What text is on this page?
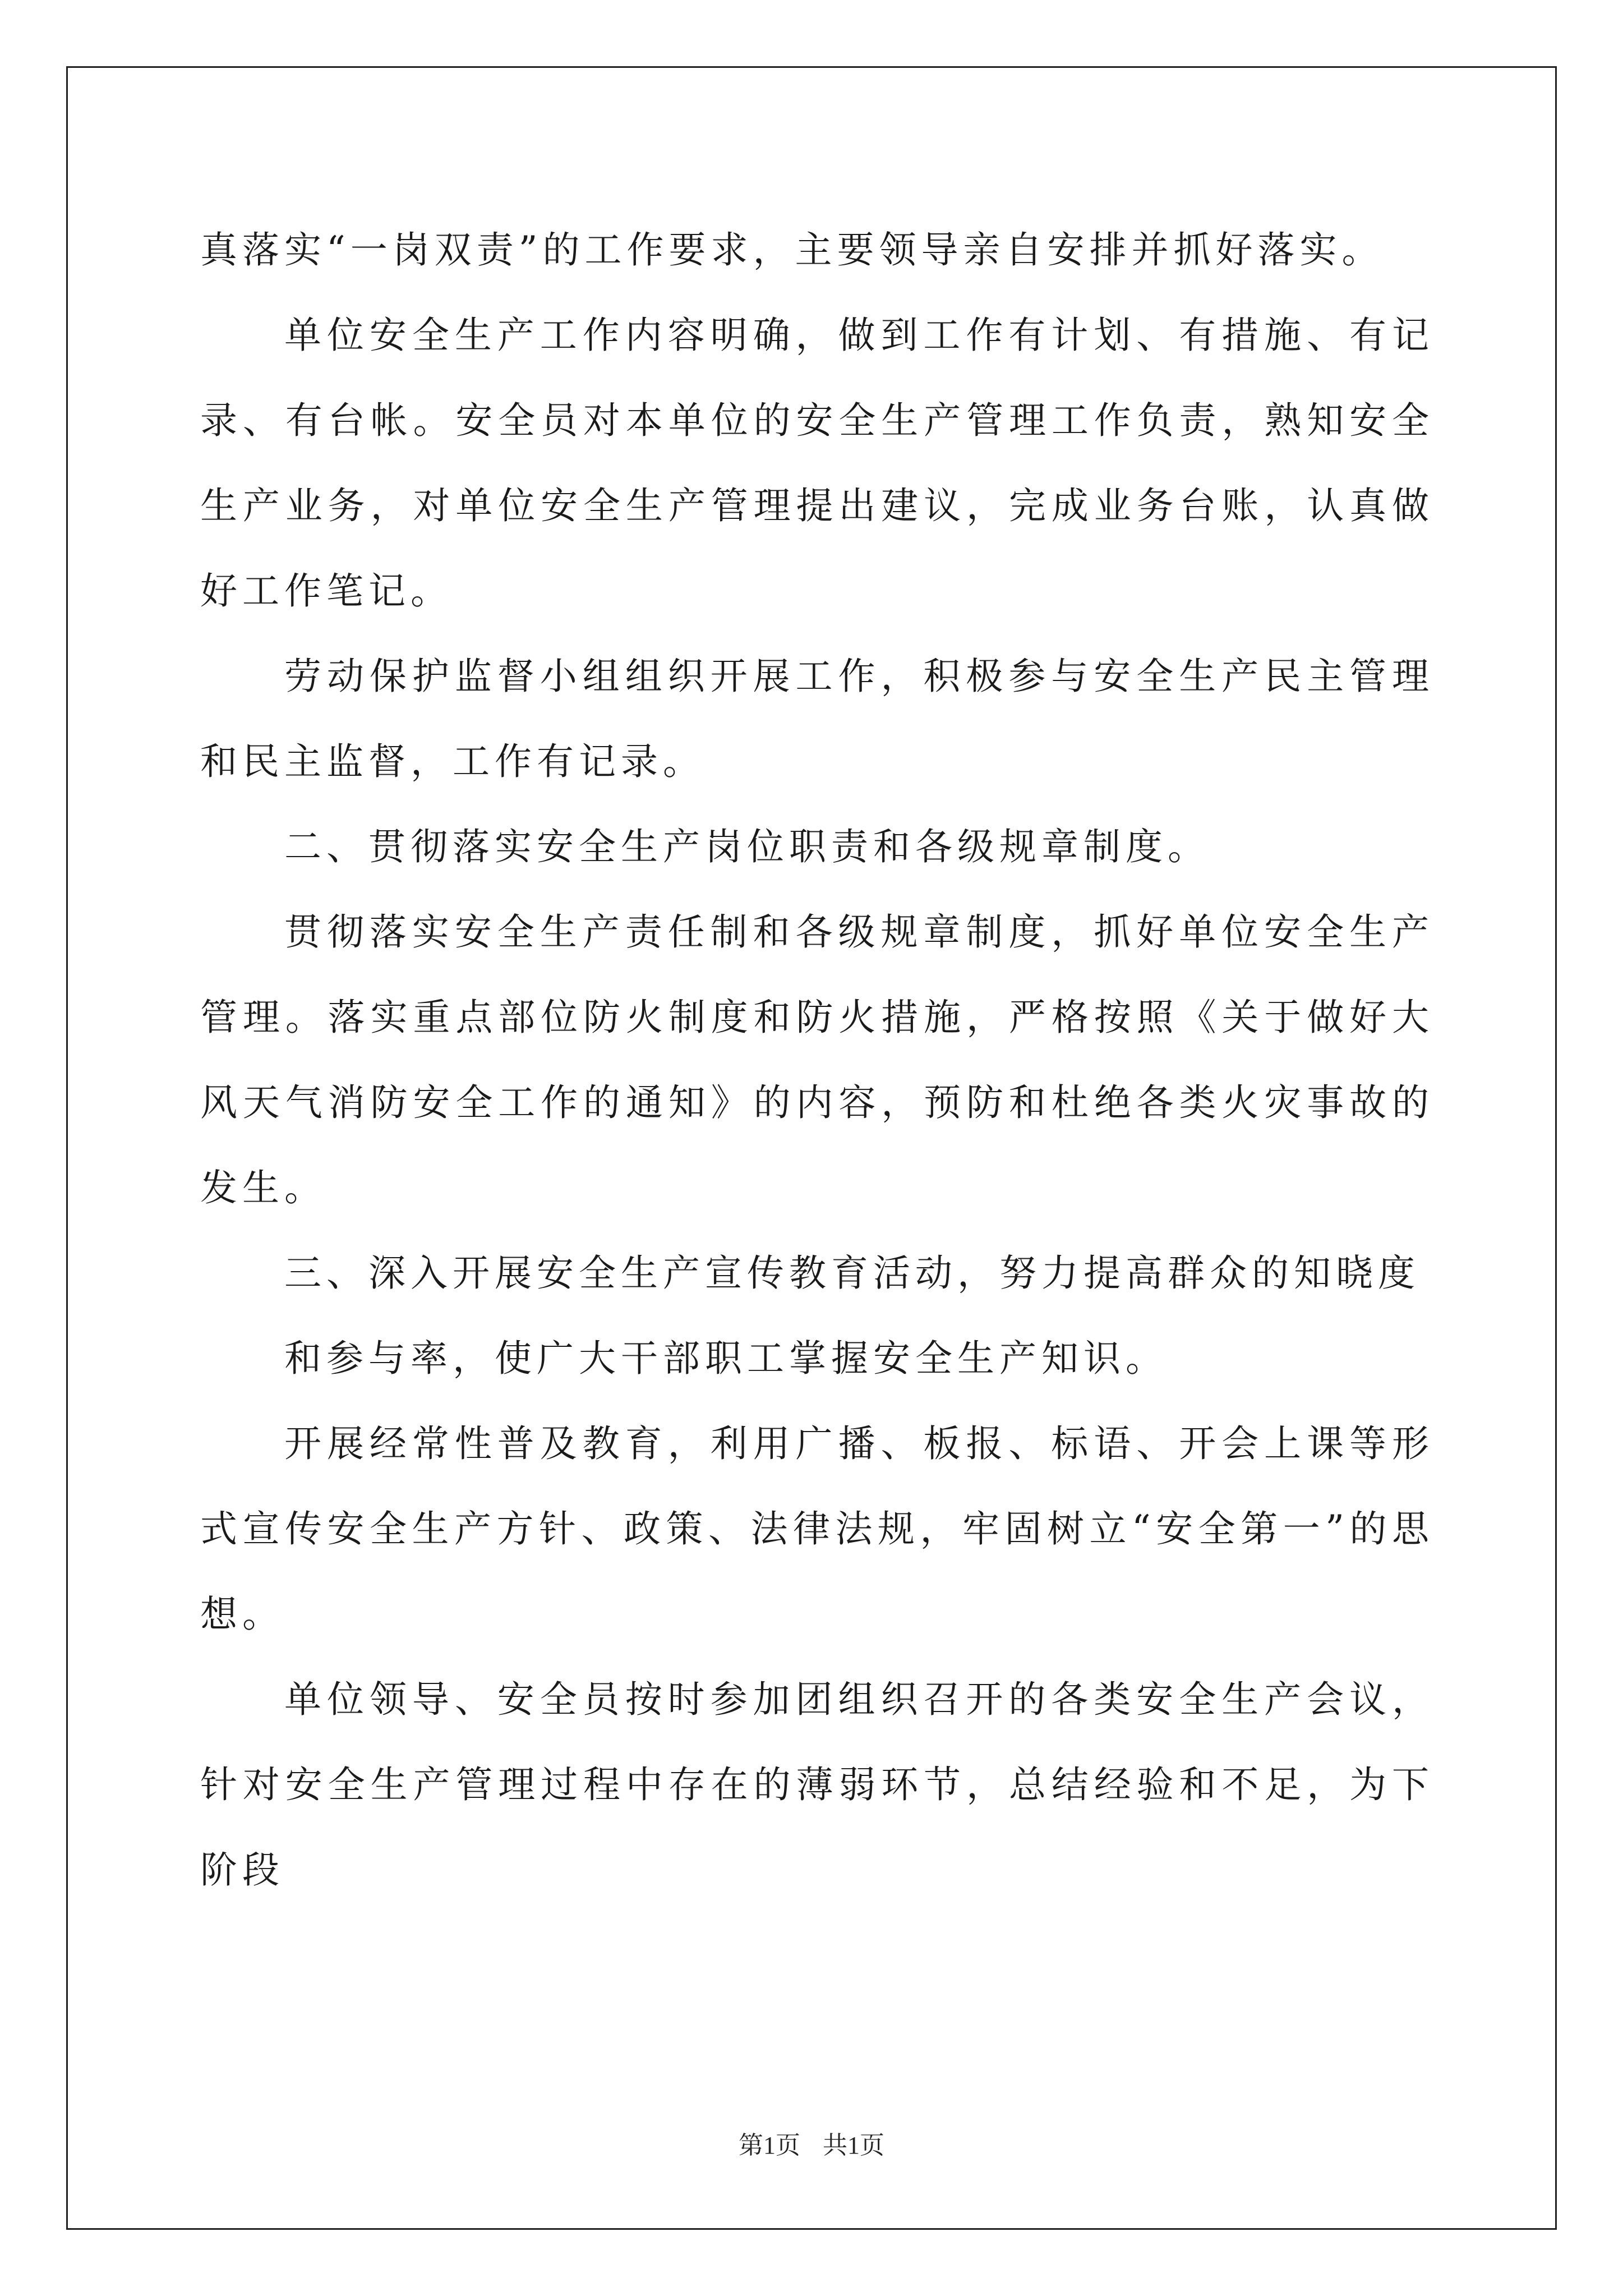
真落实“一岗双责”的工作要求，主要领导亲自安排并抓好落实。

单位安全生产工作内容明确，做到工作有计划、有措施、有记录、有台帐。安全员对本单位的安全生产管理工作负责，熟知安全生产业务，对单位安全生产管理提出建议，完成业务台账，认真做好工作笔记。

劳动保护监督小组组织开展工作，积极参与安全生产民主管理和民主监督，工作有记录。

二、贯彻落实安全生产岗位职责和各级规章制度。

贯彻落实安全生产责任制和各级规章制度，抓好单位安全生产管理。落实重点部位防火制度和防火措施，严格按照《关于做好大风天气消防安全工作的通知》的内容，预防和杜绝各类火灾事故的发生。

三、深入开展安全生产宣传教育活动，努力提高群众的知晓度

和参与率，使广大干部职工掌握安全生产知识。

开展经常性普及教育，利用广播、板报、标语、开会上课等形式宣传安全生产方针、政策、法律法规，牢固树立“安全第一”的思想。

单位领导、安全员按时参加团组织召开的各类安全生产会议，针对安全生产管理过程中存在的薄弱环节，总结经验和不足，为下阶段

第1页 共1页
